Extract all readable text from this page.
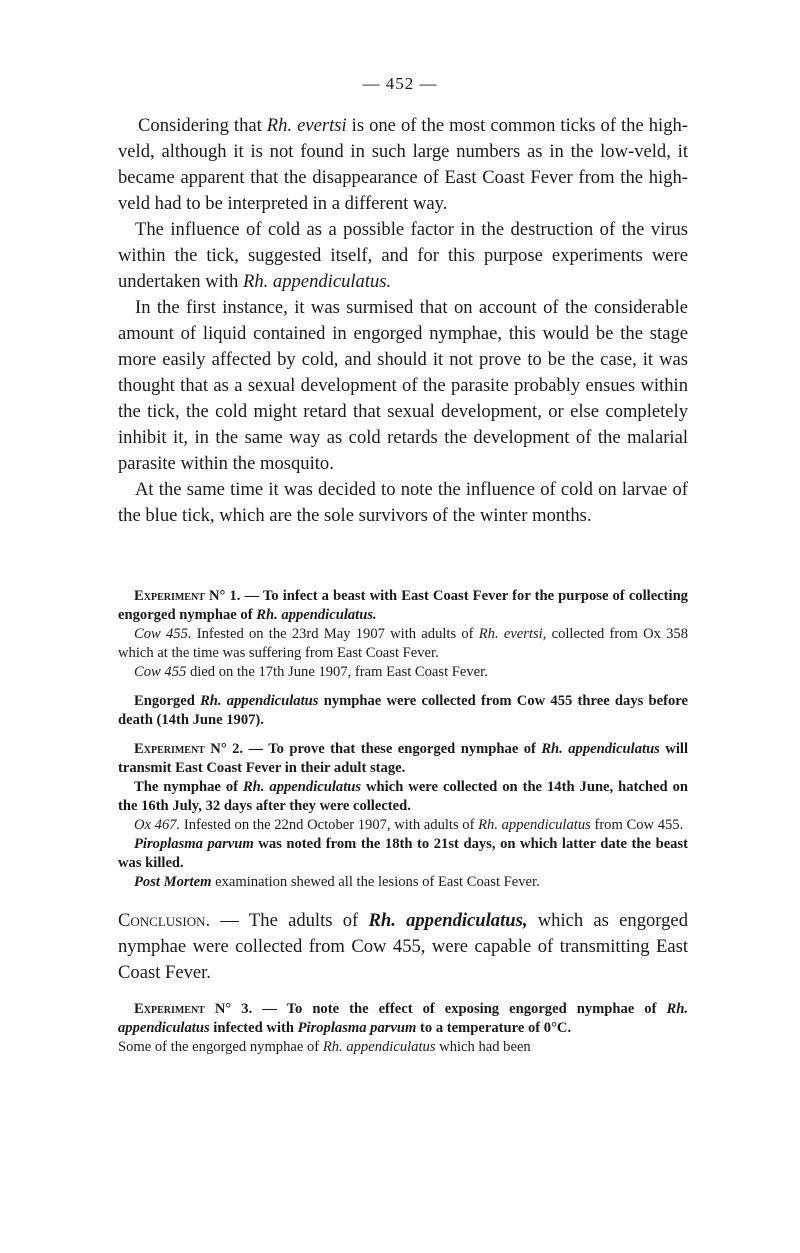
— 452 —

Considering that Rh. evertsi is one of the most common ticks of the high-veld, although it is not found in such large numbers as in the low-veld, it became apparent that the disappearance of East Coast Fever from the high-veld had to be interpreted in a different way.

The influence of cold as a possible factor in the destruction of the virus within the tick, suggested itself, and for this purpose experiments were undertaken with Rh. appendiculatus.

In the first instance, it was surmised that on account of the considerable amount of liquid contained in engorged nymphae, this would be the stage more easily affected by cold, and should it not prove to be the case, it was thought that as a sexual development of the parasite probably ensues within the tick, the cold might retard that sexual development, or else completely inhibit it, in the same way as cold retards the development of the malarial parasite within the mosquito.

At the same time it was decided to note the influence of cold on larvae of the blue tick, which are the sole survivors of the winter months.

Experiment N° 1. — To infect a beast with East Coast Fever for the purpose of collecting engorged nymphae of Rh. appendiculatus.

Cow 455. Infested on the 23rd May 1907 with adults of Rh. evertsi, collected from Ox 358 which at the time was suffering from East Coast Fever.

Cow 455 died on the 17th June 1907, fram East Coast Fever.

Engorged Rh. appendiculatus nymphae were collected from Cow 455 three days before death (14th June 1907).

Experiment N° 2. — To prove that these engorged nymphae of Rh. appendiculatus will transmit East Coast Fever in their adult stage.

The nymphae of Rh. appendiculatus which were collected on the 14th June, hatched on the 16th July, 32 days after they were collected.

Ox 467. Infested on the 22nd October 1907, with adults of Rh. appendiculatus from Cow 455.

Piroplasma parvum was noted from the 18th to 21st days, on which latter date the beast was killed.

Post Mortem examination shewed all the lesions of East Coast Fever.

Conclusion. — The adults of Rh. appendiculatus, which as engorged nymphae were collected from Cow 455, were capable of transmitting East Coast Fever.

Experiment N° 3. — To note the effect of exposing engorged nymphae of Rh. appendiculatus infected with Piroplasma parvum to a temperature of 0°C.

Some of the engorged nymphae of Rh. appendiculatus which had been
